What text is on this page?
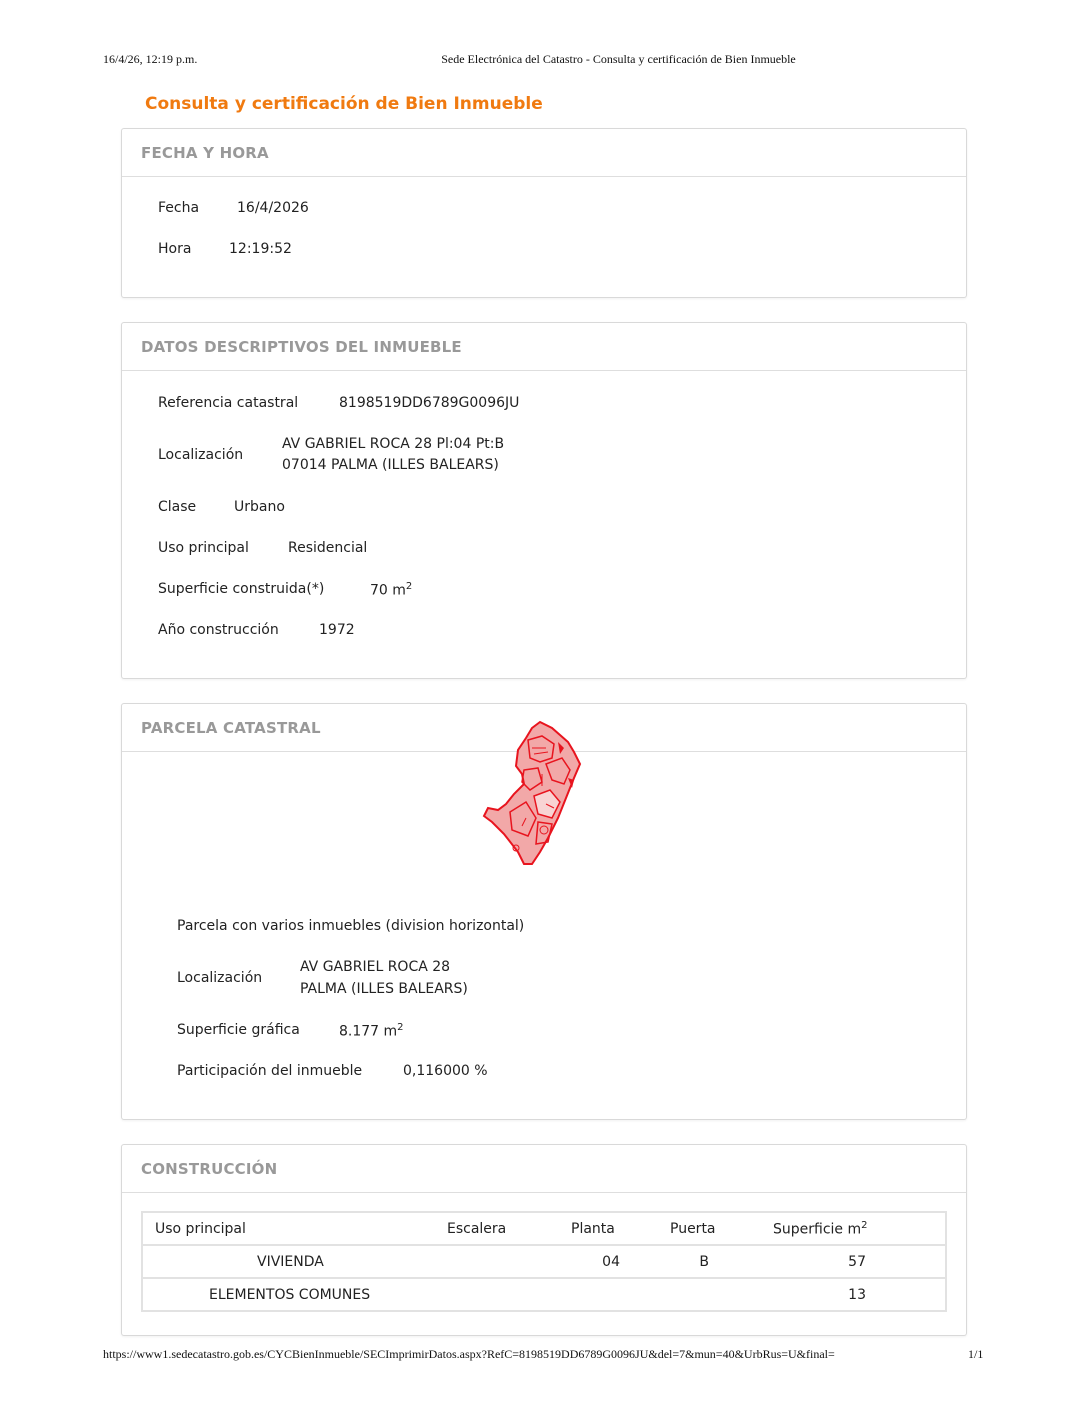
16/4/26, 12:19 p.m.	Sede Electrónica del Catastro - Consulta y certificación de Bien Inmueble
Consulta y certificación de Bien Inmueble
FECHA Y HORA
Fecha	16/4/2026
Hora	12:19:52
DATOS DESCRIPTIVOS DEL INMUEBLE
Referencia catastral	8198519DD6789G0096JU
Localización
AV GABRIEL ROCA 28 Pl:04 Pt:B
07014 PALMA (ILLES BALEARS)
Clase	Urbano
Uso principal	Residencial
Superficie construida(*)	70 $m^2$
Año construcción	1972
PARCELA CATASTRAL
Parcela con varios inmuebles (division horizontal)
Localización
AV GABRIEL ROCA 28
PALMA (ILLES BALEARS)
Superficie gráfica	8.177 $m^2$
Participación del inmueble	0,116000 %
CONSTRUCCIÓN
Uso principal	Escalera	Planta	Puerta	Superficie $m^2$
VIVIENDA		04	B	57
ELEMENTOS COMUNES				13
https://www1.sedecatastro.gob.es/CYCBienInmueble/SECImprimirDatos.aspx?RefC=8198519DD6789G0096JU&del=7&mun=40&UrbRus=U&final=	1/1
